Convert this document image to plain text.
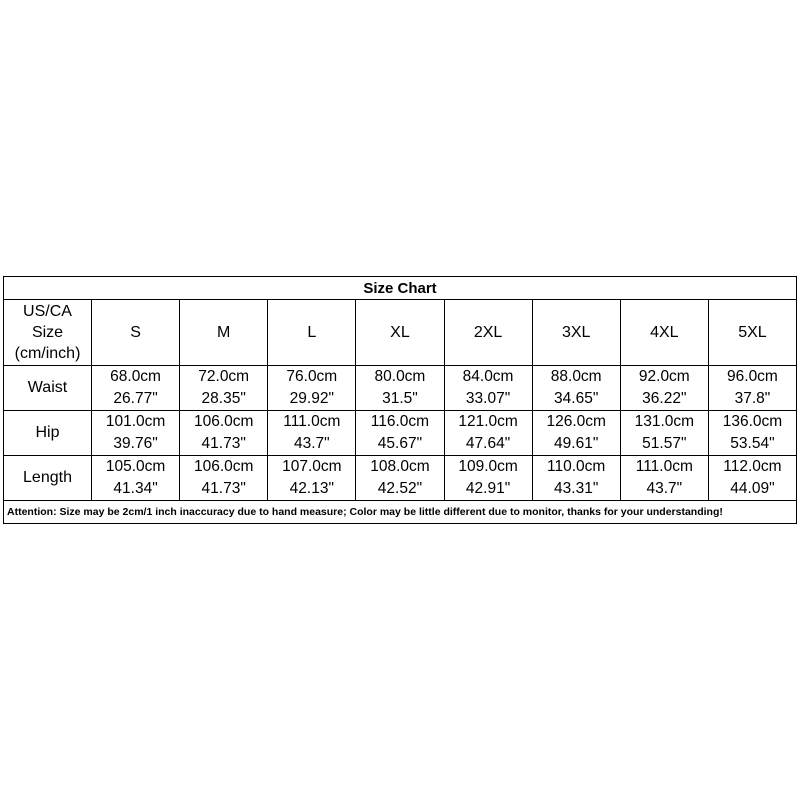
Size Chart								

US/CA
Size
(cm/inch)	S	M	L	XL	2XL	3XL	4XL	5XL
Waist	68.0cm	72.0cm	76.0cm	80.0cm	84.0cm	88.0cm	92.0cm	96.0cm
	26.77"	28.35"	29.92"	31.5"	33.07"	34.65"	36.22"	37.8"
Hip	101.0cm	106.0cm	111.0cm	116.0cm	121.0cm	126.0cm	131.0cm	136.0cm
	39.76"	41.73"	43.7"	45.67"	47.64"	49.61"	51.57"	53.54"
Length	105.0cm	106.0cm	107.0cm	108.0cm	109.0cm	110.0cm	111.0cm	112.0cm
	41.34"	41.73"	42.13"	42.52"	42.91"	43.31"	43.7"	44.09"
Attention: Size may be 2cm/1 inch inaccuracy due to hand measure; Color may be little different due to monitor, thanks for your understanding!								
